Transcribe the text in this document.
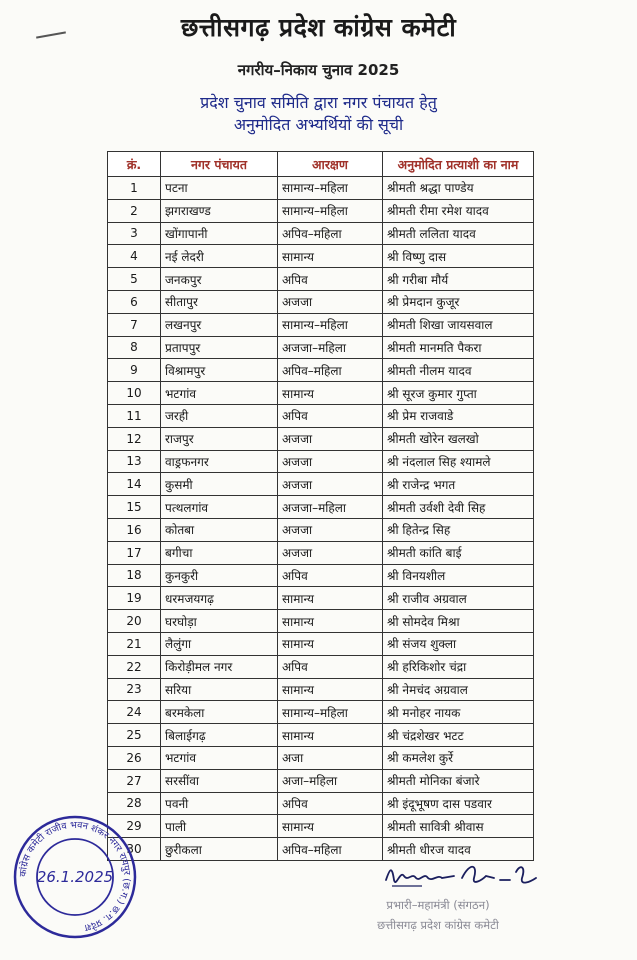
छत्तीसगढ़ प्रदेश कांग्रेस कमेटी
नगरीय–निकाय चुनाव 2025
प्रदेश चुनाव समिति द्वारा नगर पंचायत हेतु
अनुमोदित अभ्यर्थियों की सूची
क्रं.	नगर पंचायत	आरक्षण	अनुमोदित प्रत्याशी का नाम
1	पटना	सामान्य–महिला	श्रीमती श्रद्धा पाण्डेय
2	झगराखण्ड	सामान्य–महिला	श्रीमती रीमा रमेश यादव
3	खोंगापानी	अपिव–महिला	श्रीमती ललिता यादव
4	नई लेदरी	सामान्य	श्री विष्णु दास
5	जनकपुर	अपिव	श्री गरीबा मौर्य
6	सीतापुर	अजजा	श्री प्रेमदान कुजूर
7	लखनपुर	सामान्य–महिला	श्रीमती शिखा जायसवाल
8	प्रतापपुर	अजजा–महिला	श्रीमती मानमति पैकरा
9	विश्रामपुर	अपिव–महिला	श्रीमती नीलम यादव
10	भटगांव	सामान्य	श्री सूरज कुमार गुप्ता
11	जरही	अपिव	श्री प्रेम राजवाडे
12	राजपुर	अजजा	श्रीमती खोरेन खलखो
13	वाड्रफनगर	अजजा	श्री नंदलाल सिह श्यामले
14	कुसमी	अजजा	श्री राजेन्द्र भगत
15	पत्थलगांव	अजजा–महिला	श्रीमती उर्वशी देवी सिह
16	कोतबा	अजजा	श्री हितेन्द्र सिह
17	बगीचा	अजजा	श्रीमती कांति बाई
18	कुनकुरी	अपिव	श्री विनयशील
19	धरमजयगढ़	सामान्य	श्री राजीव अग्रवाल
20	घरघोड़ा	सामान्य	श्री सोमदेव मिश्रा
21	लैलुंगा	सामान्य	श्री संजय शुक्ला
22	किरोड़ीमल नगर	अपिव	श्री हरिकिशोर चंद्रा
23	सरिया	सामान्य	श्री नेमचंद अग्रवाल
24	बरमकेला	सामान्य–महिला	श्री मनोहर नायक
25	बिलाईगढ़	सामान्य	श्री चंद्रशेखर भटट
26	भटगांव	अजा	श्री कमलेश कुर्रे
27	सरसींवा	अजा–महिला	श्रीमती मोनिका बंजारे
28	पवनी	अपिव	श्री इंदूभूषण दास पडवार
29	पाली	सामान्य	श्रीमती सावित्री श्रीवास
30	छुरीकला	अपिव–महिला	श्रीमती धीरज यादव
कांग्रेस कमेटी राजीव भवन शंकर नगर रायपुर (छ.ग.) छ.ग. प्रदेश
26.1.2025
प्रभारी–महामंत्री (संगठन)
छत्तीसगढ़ प्रदेश कांग्रेस कमेटी
